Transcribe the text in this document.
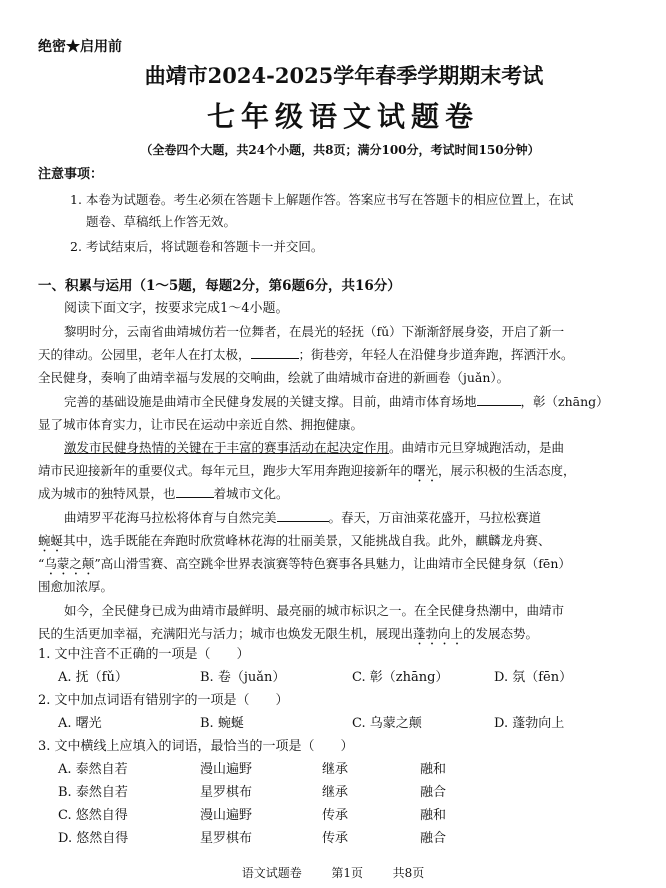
绝密★启用前
曲靖市2024-2025学年春季学期期末考试
七年级语文试题卷
（全卷四个大题，共24个小题，共8页；满分100分，考试时间150分钟）
注意事项：
1. 本卷为试题卷。考生必须在答题卡上解题作答。答案应书写在答题卡的相应位置上，在试
题卷、草稿纸上作答无效。
2. 考试结束后，将试题卷和答题卡一并交回。
一、积累与运用（1～5题，每题2分，第6题6分，共16分）
阅读下面文字，按要求完成1～4小题。
黎明时分，云南省曲靖城仿若一位舞者，在晨光的轻抚（fǔ）下渐渐舒展身姿，开启了新一
天的律动。公园里，老年人在打太极，	；街巷旁，年轻人在沿健身步道奔跑，挥洒汗水。
全民健身，奏响了曲靖幸福与发展的交响曲，绘就了曲靖城市奋进的新画卷（juǎn）。
完善的基础设施是曲靖市全民健身发展的关键支撑。目前，曲靖市体育场地	，彰（zhāng）
显了城市体育实力，让市民在运动中亲近自然、拥抱健康。
激发市民健身热情的关键在于丰富的赛事活动在起决定作用。曲靖市元旦穿城跑活动，是曲
靖市民迎接新年的重要仪式。每年元旦，跑步大军用奔跑迎接新年的曙光，展示积极的生活态度，
成为城市的独特风景，也	着城市文化。
曲靖罗平花海马拉松将体育与自然完美	。春天，万亩油菜花盛开，马拉松赛道
蜿蜒其中，选手既能在奔跑时欣赏峰林花海的壮丽美景，又能挑战自我。此外，麒麟龙舟赛、
“乌蒙之颠”高山滑雪赛、高空跳伞世界表演赛等特色赛事各具魅力，让曲靖市全民健身氛（fēn）
围愈加浓厚。
如今，全民健身已成为曲靖市最鲜明、最亮丽的城市标识之一。在全民健身热潮中，曲靖市
民的生活更加幸福，充满阳光与活力；城市也焕发无限生机，展现出蓬勃向上的发展态势。
1. 文中注音不正确的一项是（　　）
A. 抚（fǔ）	B. 卷（juǎn）	C. 彰（zhāng）	D. 氛（fēn）
2. 文中加点词语有错别字的一项是（　　）
A. 曙光	B. 蜿蜒	C. 乌蒙之颠	D. 蓬勃向上
3. 文中横线上应填入的词语，最恰当的一项是（　　）
A. 泰然自若	漫山遍野	继承	融和
B. 泰然自若	星罗棋布	继承	融合
C. 悠然自得	漫山遍野	传承	融和
D. 悠然自得	星罗棋布	传承	融合
语文试题卷 第1页 共8页
